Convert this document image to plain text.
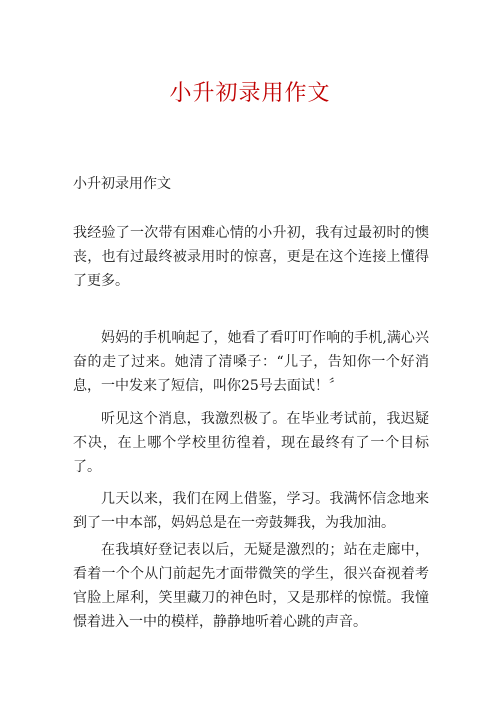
小升初录用作文
小升初录用作文

我经验了一次带有困难心情的小升初，我有过最初时的懊丧，也有过最终被录用时的惊喜，更是在这个连接上懂得了更多。

妈妈的手机响起了，她看了看叮叮作响的手机,满心兴奋的走了过来。她清了清嗓子：“儿子，告知你一个好消息，一中发来了短信，叫你25号去面试！〞

听见这个消息，我激烈极了。在毕业考试前，我迟疑不决，在上哪个学校里彷徨着，现在最终有了一个目标了。

几天以来，我们在网上借鉴，学习。我满怀信念地来到了一中本部，妈妈总是在一旁鼓舞我，为我加油。

在我填好登记表以后，无疑是激烈的；站在走廊中，看着一个个从门前起先才面带微笑的学生，很兴奋视着考官脸上犀利，笑里藏刀的神色时，又是那样的惊慌。我憧憬着进入一中的模样，静静地听着心跳的声音。
